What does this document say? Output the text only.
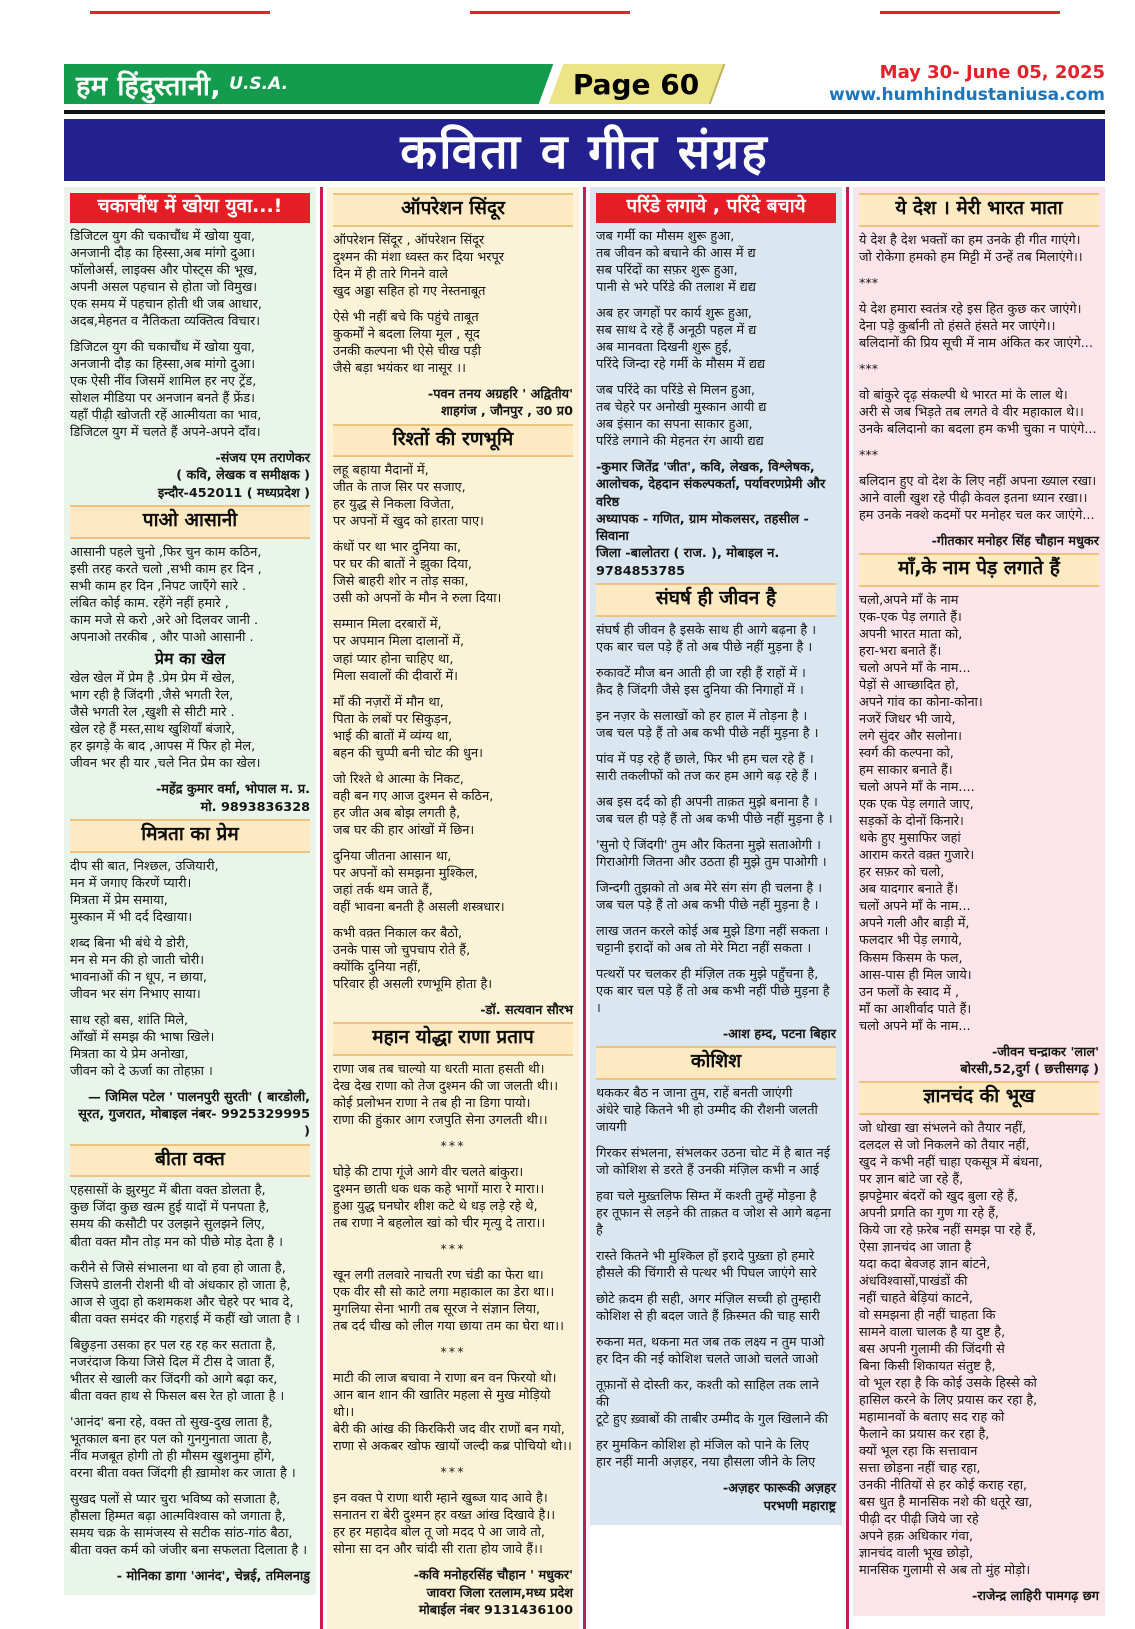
हम हिंदुस्तानी, U.S.A.	Page 60	May 30- June 05, 2025
www.humhindustaniusa.com
कविता व गीत संग्रह
चकाचौंध में खोया युवा...!
डिजिटल युग की चकाचौंध में खोया युवा,
अनजानी दौड़ का हिस्सा,अब मांगो दुआ।
फॉलोअर्स, लाइक्स और पोस्ट्स की भूख,
अपनी असल पहचान से होता जो विमुख।
एक समय में पहचान होती थी जब आधार,
अदब,मेहनत व नैतिकता व्यक्तित्व विचार।
डिजिटल युग की चकाचौंध में खोया युवा,
अनजानी दौड़ का हिस्सा,अब मांगो दुआ।
एक ऐसी नींव जिसमें शामिल हर नए ट्रेंड,
सोशल मीडिया पर अनजान बनते हैं फ्रेंड।
यहाँ पीढ़ी खोजती रहें आत्मीयता का भाव,
डिजिटल युग में चलते हैं अपने-अपने दाँव।
-संजय एम तराणेकर
( कवि, लेखक व समीक्षक )
इन्दौर-452011 ( मध्यप्रदेश )
पाओ आसानी
आसानी पहले चुनो ,फिर चुन काम कठिन,
इसी तरह करते चलो ,सभी काम हर दिन ,
सभी काम हर दिन ,निपट जाएँगे सारे .
लंबित कोई काम. रहेंगे नहीं हमारे ,
काम मजे से करो ,अरे ओ दिलवर जानी .
अपनाओ तरकीब , और पाओ आसानी .
प्रेम का खेल
खेल खेल में प्रेम है .प्रेम प्रेम में खेल,
भाग रही है जिंदगी ,जैसे भगती रेल,
जैसे भगती रेल ,खुशी से सीटी मारे .
खेल रहे हैं मस्त,साथ खुशियाँ बंजारे,
हर झगड़े के बाद ,आपस में फिर हो मेल,
जीवन भर ही यार ,चले नित प्रेम का खेल।
-महेंद्र कुमार वर्मा, भोपाल म. प्र.
मो. 9893836328
मित्रता का प्रेम
दीप सी बात, निश्छल, उजियारी,
मन में जगाए किरणें प्यारी।
मित्रता में प्रेम समाया,
मुस्कान में भी दर्द दिखाया।
शब्द बिना भी बंधे ये डोरी,
मन से मन की हो जाती चोरी।
भावनाओं की न धूप, न छाया,
जीवन भर संग निभाए साया।
साथ रहो बस, शांति मिले,
आँखों में समझ की भाषा खिले।
मित्रता का ये प्रेम अनोखा,
जीवन को दे ऊर्जा का तोहफ़ा ।
— जिमिल पटेल ' पालनपुरी सुरती' ( बारडोली,
सूरत, गुजरात, मोबाइल नंबर- 9925329995 )
बीता वक्त
एहसासों के झुरमुट में बीता वक्त डोलता है,
कुछ जिंदा कुछ खत्म हुई यादों में पनपता है,
समय की कसौटी पर उलझने सुलझने लिए,
बीता वक्त मौन तोड़ मन को पीछे मोड़ देता है ।
करीने से जिसे संभालना था वो हवा हो जाता है,
जिसपे डालनी रोशनी थी वो अंधकार हो जाता है,
आज से जुदा हो कशमकश और चेहरे पर भाव दे,
बीता वक्त समंदर की गहराई में कहीं खो जाता है ।
बिछुड़ना उसका हर पल रह रह कर सताता है,
नजरंदाज किया जिसे दिल में टीस दे जाता हैं,
भीतर से खाली कर जिंदगी को आगे बढ़ा कर,
बीता वक्त हाथ से फिसल बस रेत हो जाता है ।
'आनंद' बना रहे, वक्त तो सुख-दुख लाता है,
भूतकाल बना हर पल को गुनगुनाता जाता है,
नींव मजबूत होगी तो ही मौसम खुशनुमा होंगे,
वरना बीता वक्त जिंदगी ही ख़ामोश कर जाता है ।
सुखद पलों से प्यार चुरा भविष्य को सजाता है,
हौसला हिम्मत बढ़ा आत्मविश्वास को जगाता है,
समय चक्र के सामंजस्य से सटीक सांठ-गांठ बैठा,
बीता वक्त कर्म को जंजीर बना सफलता दिलाता है ।
- मोनिका डागा 'आनंद', चेन्नई, तमिलनाडु
ऑपरेशन सिंदूर
ऑपरेशन सिंदूर , ऑपरेशन सिंदूर
दुश्मन की मंशा ध्वस्त कर दिया भरपूर
दिन में ही तारे गिनने वाले
खुद अड्डा सहित हो गए नेस्तनाबूत
ऐसे भी नहीं बचे कि पहुंचे ताबूत
कुकर्मों ने बदला लिया मूल , सूद
उनकी कल्पना भी ऐसे चीख पड़ी
जैसे बड़ा भयंकर था नासूर ।।
-पवन तनय अग्रहरि ' अद्वितीय'
शाहगंज , जौनपुर , उ0 प्र0
रिश्तों की रणभूमि
लहू बहाया मैदानों में,
जीत के ताज सिर पर सजाए,
हर युद्ध से निकला विजेता,
पर अपनों में खुद को हारता पाए।
कंधों पर था भार दुनिया का,
पर घर की बातों ने झुका दिया,
जिसे बाहरी शोर न तोड़ सका,
उसी को अपनों के मौन ने रुला दिया।
सम्मान मिला दरबारों में,
पर अपमान मिला दालानों में,
जहां प्यार होना चाहिए था,
मिला सवालों की दीवारों में।
माँ की नज़रों में मौन था,
पिता के लबों पर सिकुड़न,
भाई की बातों में व्यंग्य था,
बहन की चुप्पी बनी चोट की धुन।
जो रिश्ते थे आत्मा के निकट,
वही बन गए आज दुश्मन से कठिन,
हर जीत अब बोझ लगती है,
जब घर की हार आंखों में छिन।
दुनिया जीतना आसान था,
पर अपनों को समझना मुश्किल,
जहां तर्क थम जाते हैं,
वहीं भावना बनती है असली शस्त्रधार।
कभी वक़्त निकाल कर बैठो,
उनके पास जो चुपचाप रोते हैं,
क्योंकि दुनिया नहीं,
परिवार ही असली रणभूमि होता है।
-डॉ. सत्यवान सौरभ
महान योद्धा राणा प्रताप
राणा जब तब चाल्यो या धरती माता हसती थी।
देख देख राणा को तेज दुश्मन की जा जलती थी।।
कोई प्रलोभन राणा ने तब ही ना डिगा पायो।
राणा की हुंकार आग रजपुति सेना उगलती थी।।
***
घोड़े की टापा गूंजे आगे वीर चलते बांकुरा।
दुश्मन छाती धक धक कहे भागों मारा रे मारा।।
हुआ युद्ध घनघोर शीश कटे थे धड़ लड़े रहे थे,
तब राणा ने बहलोल खां को चीर मृत्यु दे तारा।।
***
खून लगी तलवारे नाचती रण चंडी का फेरा था।
एक वीर सौ सो काटे लगा महाकाल का डेरा था।।
मुगलिया सेना भागी तब सूरज ने संज्ञान लिया,
तब दर्द चीख को लील गया छाया तम का घेरा था।।
***
माटी की लाज बचावा ने राणा बन वन फिरयो थो।
आन बान शान की खातिर महला से मुख मोड़ियो थो।।
बेरी की आंख की किरकिरी जद वीर राणों बन गयो,
राणा से अकबर खोफ खायों जल्दी कब्र पोचियो थो।।
***
इन वक्त पे राणा थारी म्हाने खुब्ज याद आवे है।
सनातन रा बेरी दुश्मन हर वख्त आंख दिखावे है।।
हर हर महादेव बोल तू जो मदद पे आ जावे तो,
सोना सा दन और चांदी सी राता होय जावे हैं।।
-कवि मनोहरसिंह चौहान ' मधुकर'
जावरा जिला रतलाम,मध्य प्रदेश
मोबाईल नंबर 9131436100
परिंडे लगाये , परिंदे बचाये
जब गर्मी का मौसम शुरू हुआ,
तब जीवन को बचाने की आस में द्य
सब परिंदों का सफ़र शुरू हुआ,
पानी से भरे परिंडे की तलाश में द्यद्य
अब हर जगहों पर कार्य शुरू हुआ,
सब साथ दे रहे हैं अनूठी पहल में द्य
अब मानवता दिखनी शुरू हुई,
परिंदे जिन्दा रहे गर्मी के मौसम में द्यद्य
जब परिंदे का परिंडे से मिलन हुआ,
तब चेहरे पर अनोखी मुस्कान आयी द्य
अब इंसान का सपना साकार हुआ,
परिंडे लगाने की मेहनत रंग आयी द्यद्य
-कुमार जितेंद्र 'जीत', कवि, लेखक, विश्लेषक,
आलोचक, देहदान संकल्पकर्ता, पर्यावरणप्रेमी और वरिष्ठ
अध्यापक - गणित, ग्राम मोकलसर, तहसील - सिवाना
जिला -बालोतरा ( राज. ), मोबाइल न. 9784853785
संघर्ष ही जीवन है
संघर्ष ही जीवन है इसके साथ ही आगे बढ़ना है ।
एक बार चल पड़े हैं तो अब पीछे नहीं मुड़ना है ।
रुकावटें मौज बन आती ही जा रही हैं राहों में ।
क़ैद है जिंदगी जैसे इस दुनिया की निगाहों में ।
इन नज़र के सलाखों को हर हाल में तोड़ना है ।
जब चल पड़े हैं तो अब कभी पीछे नहीं मुड़ना है ।
पांव में पड़ रहे हैं छाले, फिर भी हम चल रहे हैं ।
सारी तकलीफों को तज कर हम आगे बढ़ रहे हैं ।
अब इस दर्द को ही अपनी ताक़त मुझे बनाना है ।
जब चल ही पड़े हैं तो अब कभी पीछे नहीं मुड़ना है ।
'सुनो ऐ जिंदगी' तुम और कितना मुझे सताओगी ।
गिराओगी जितना और उठता ही मुझे तुम पाओगी ।
जिन्दगी तुझको तो अब मेरे संग संग ही चलना है ।
जब चल पड़े हैं तो अब कभी पीछे नहीं मुड़ना है ।
लाख जतन करले कोई अब मुझे डिगा नहीं सकता ।
चट्टानी इरादों को अब तो मेरे मिटा नहीं सकता ।
पत्थरों पर चलकर ही मंज़िल तक मुझे पहुँचना है,
एक बार चल पड़े हैं तो अब कभी नहीं पीछे मुड़ना है ।
-आश हम्द, पटना बिहार
कोशिश
थककर बैठ न जाना तुम, राहें बनती जाएंगी
अंधेरे चाहे कितने भी हो उम्मीद की रौशनी जलती जायगी
गिरकर संभलना, संभलकर उठना चोट में है बात नई
जो कोशिश से डरते हैं उनकी मंज़िल कभी न आई
हवा चले मुख़्तलिफ सिम्त में कश्ती तुम्हें मोड़ना है
हर तूफान से लड़ने की ताक़त व जोश से आगे बढ़ना है
रास्ते कितने भी मुश्किल हों इरादे पुख़्ता हो हमारे
हौसले की चिंगारी से पत्थर भी पिघल जाएंगे सारे
छोटे क़दम ही सही, अगर मंज़िल सच्ची हो तुम्हारी
कोशिश से ही बदल जाते हैं क़िस्मत की चाह सारी
रुकना मत, थकना मत जब तक लक्ष्य न तुम पाओ
हर दिन की नई कोशिश चलते जाओ चलते जाओ
तूफ़ानों से दोस्ती कर, कश्ती को साहिल तक लाने की
टूटे हुए ख़्वाबों की ताबीर उम्मीद के गुल खिलाने की
हर मुमकिन कोशिश हो मंजिल को पाने के लिए
हार नहीं मानी अज़हर, नया हौसला जीने के लिए
-अज़हर फारूकी अज़हर
परभणी महाराष्ट्र
ये देश । मेरी भारत माता
ये देश है देश भक्तों का हम उनके ही गीत गाएंगे।
जो रोकेगा हमको हम मिट्टी में उन्हें तब मिलाएंगे।।
***
ये देश हमारा स्वतंत्र रहे इस हित कुछ कर जाएंगे।
देना पड़े कुर्बानी तो हंसते हंसते मर जाएंगे।।
बलिदानों की प्रिय सूची में नाम अंकित कर जाएंगे...
***
वो बांकुरे दृढ़ संकल्पी थे भारत मां के लाल थे।
अरी से जब भिड़ते तब लगते वे वीर महाकाल थे।।
उनके बलिदानो का बदला हम कभी चुका न पाएंगे...
***
बलिदान हुए वो देश के लिए नहीं अपना ख्याल रखा।
आने वाली खुश रहे पीढ़ी केवल इतना ध्यान रखा।।
हम उनके नक्शे कदमों पर मनोहर चल कर जाएंगे...
-गीतकार मनोहर सिंह चौहान मधुकर
माँ,के नाम पेड़ लगाते हैं
चलो,अपने माँ के नाम
एक-एक पेड़ लगाते हैं।
अपनी भारत माता को,
हरा-भरा बनाते हैं।
चलो अपने माँ के नाम...
पेड़ों से आच्छादित हो,
अपने गांव का कोना-कोना।
नजरें जिधर भी जाये,
लगे सुंदर और सलोना।
स्वर्ग की कल्पना को,
हम साकार बनाते हैं।
चलो अपने माँ के नाम....
एक एक पेड़ लगाते जाए,
सड़कों के दोनों किनारे।
थके हुए मुसाफिर जहां
आराम करते वक़्त गुजारे।
हर सफ़र को चलो,
अब यादगार बनाते हैं।
चलों अपने माँ के नाम...
अपने गली और बाड़ी में,
फलदार भी पेड़ लगाये,
किसम किसम के फल,
आस-पास ही मिल जाये।
उन फलों के स्वाद में ,
माँ का आशीर्वाद पाते हैं।
चलो अपने माँ के नाम...
-जीवन चन्द्राकर 'लाल'
बोरसी,52,दुर्ग ( छत्तीसगढ़ )
ज्ञानचंद की भूख
जो धोखा खा संभलने को तैयार नहीं,
दलदल से जो निकलने को तैयार नहीं,
खुद ने कभी नहीं चाहा एकसूत्र में बंधना,
पर ज्ञान बांटे जा रहे हैं,
झपट्टेमार बंदरों को खुद बुला रहे हैं,
अपनी प्रगति का गुण गा रहे हैं,
किये जा रहे फ़रेब नहीं समझ पा रहे हैं,
ऐसा ज्ञानचंद आ जाता है
यदा कदा बेवजह ज्ञान बांटने,
अंधविश्वासों,पाखंडों की
नहीं चाहते बेड़ियां काटने,
वो समझना ही नहीं चाहता कि
सामने वाला चालक है या दुष्ट है,
बस अपनी गुलामी की जिंदगी से
बिना किसी शिकायत संतुष्ट है,
वो भूल रहा है कि कोई उसके हिस्से को
हासिल करने के लिए प्रयास कर रहा है,
महामानवों के बताए सद राह को
फैलाने का प्रयास कर रहा है,
क्यों भूल रहा कि सत्तावान
सत्ता छोड़ना नहीं चाह रहा,
उनकी नीतियों से हर कोई कराह रहा,
बस धुत है मानसिक नशे की धतूरे खा,
पीढ़ी दर पीढ़ी जिये जा रहे
अपने हक़ अधिकार गंवा,
ज्ञानचंद वाली भूख छोड़ो,
मानसिक गुलामी से अब तो मुंह मोड़ो।
-राजेन्द्र लाहिरी पामगढ़ छग
